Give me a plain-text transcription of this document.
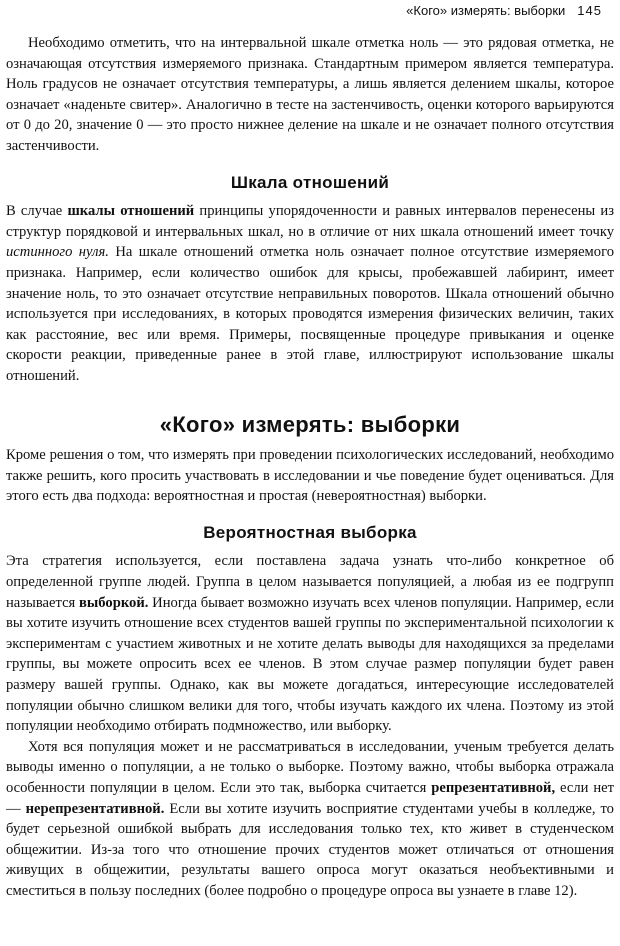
«Кого» измерять: выборки 145

Необходимо отметить, что на интервальной шкале отметка ноль — это рядовая отметка, не означающая отсутствия измеряемого признака. Стандартным примером является температура. Ноль градусов не означает отсутствия температуры, а лишь является делением шкалы, которое означает «наденьте свитер». Аналогично в тесте на застенчивость, оценки которого варьируются от 0 до 20, значение 0 — это просто нижнее деление на шкале и не означает полного отсутствия застенчивости.

Шкала отношений

В случае шкалы отношений принципы упорядоченности и равных интервалов перенесены из структур порядковой и интервальных шкал, но в отличие от них шкала отношений имеет точку истинного нуля. На шкале отношений отметка ноль означает полное отсутствие измеряемого признака. Например, если количество ошибок для крысы, пробежавшей лабиринт, имеет значение ноль, то это означает отсутствие неправильных поворотов. Шкала отношений обычно используется при исследованиях, в которых проводятся измерения физических величин, таких как расстояние, вес или время. Примеры, посвященные процедуре привыкания и оценке скорости реакции, приведенные ранее в этой главе, иллюстрируют использование шкалы отношений.

«Кого» измерять: выборки

Кроме решения о том, что измерять при проведении психологических исследований, необходимо также решить, кого просить участвовать в исследовании и чье поведение будет оцениваться. Для этого есть два подхода: вероятностная и простая (невероятностная) выборки.

Вероятностная выборка

Эта стратегия используется, если поставлена задача узнать что-либо конкретное об определенной группе людей. Группа в целом называется популяцией, а любая из ее подгрупп называется выборкой. Иногда бывает возможно изучать всех членов популяции. Например, если вы хотите изучить отношение всех студентов вашей группы по экспериментальной психологии к экспериментам с участием животных и не хотите делать выводы для находящихся за пределами группы, вы можете опросить всех ее членов. В этом случае размер популяции будет равен размеру вашей группы. Однако, как вы можете догадаться, интересующие исследователей популяции обычно слишком велики для того, чтобы изучать каждого их члена. Поэтому из этой популяции необходимо отбирать подмножество, или выборку.

Хотя вся популяция может и не рассматриваться в исследовании, ученым требуется делать выводы именно о популяции, а не только о выборке. Поэтому важно, чтобы выборка отражала особенности популяции в целом. Если это так, выборка считается репрезентативной, если нет — нерепрезентативной. Если вы хотите изучить восприятие студентами учебы в колледже, то будет серьезной ошибкой выбрать для исследования только тех, кто живет в студенческом общежитии. Из-за того что отношение прочих студентов может отличаться от отношения живущих в общежитии, результаты вашего опроса могут оказаться необъективными и сместиться в пользу последних (более подробно о процедуре опроса вы узнаете в главе 12).
